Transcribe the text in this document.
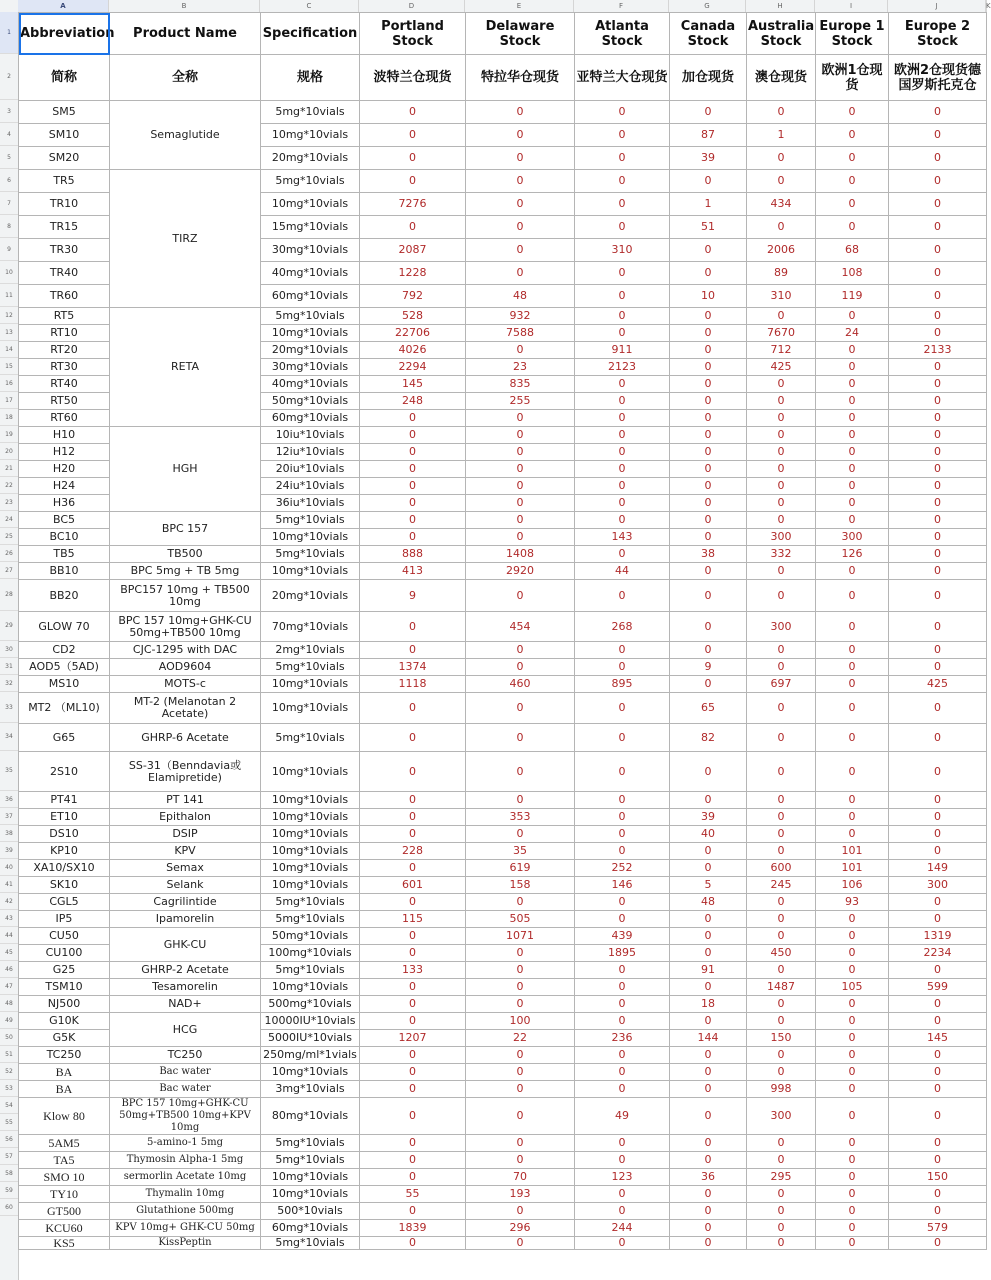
A	B	C	D	E	F	G	H	I	J	K
1
2
3
4
5
6
7
8
9
10
11
12
13
14
15
16
17
18
19
20
21
22
23
24
25
26
27
28
29
30
31
32
33
34
35
36
37
38
39
40
41
42
43
44
45
46
47
48
49
50
51
52
53
54
55
56
57
58
59
60
Abbreviation	Product Name	Specification	Portland Stock	Delaware Stock	Atlanta Stock	Canada Stock	Australia Stock	Europe 1 Stock	Europe 2 Stock
简称	全称	规格	波特兰仓现货	特拉华仓现货	亚特兰大仓现货	加仓现货	澳仓现货	欧洲1仓现货	欧洲2仓现货德国罗斯托克仓
SM5	Semaglutide	5mg*10vials	0	0	0	0	0	0	0
SM10		10mg*10vials	0	0	0	87	1	0	0
SM20		20mg*10vials	0	0	0	39	0	0	0
TR5	TIRZ	5mg*10vials	0	0	0	0	0	0	0
TR10		10mg*10vials	7276	0	0	1	434	0	0
TR15		15mg*10vials	0	0	0	51	0	0	0
TR30		30mg*10vials	2087	0	310	0	2006	68	0
TR40		40mg*10vials	1228	0	0	0	89	108	0
TR60		60mg*10vials	792	48	0	10	310	119	0
RT5	RETA	5mg*10vials	528	932	0	0	0	0	0
RT10		10mg*10vials	22706	7588	0	0	7670	24	0
RT20		20mg*10vials	4026	0	911	0	712	0	2133
RT30		30mg*10vials	2294	23	2123	0	425	0	0
RT40		40mg*10vials	145	835	0	0	0	0	0
RT50		50mg*10vials	248	255	0	0	0	0	0
RT60		60mg*10vials	0	0	0	0	0	0	0
H10	HGH	10iu*10vials	0	0	0	0	0	0	0
H12		12iu*10vials	0	0	0	0	0	0	0
H20		20iu*10vials	0	0	0	0	0	0	0
H24		24iu*10vials	0	0	0	0	0	0	0
H36		36iu*10vials	0	0	0	0	0	0	0
BC5	BPC 157	5mg*10vials	0	0	0	0	0	0	0
BC10		10mg*10vials	0	0	143	0	300	300	0
TB5	TB500	5mg*10vials	888	1408	0	38	332	126	0
BB10	BPC 5mg + TB 5mg	10mg*10vials	413	2920	44	0	0	0	0
BB20	BPC157 10mg + TB500 10mg	20mg*10vials	9	0	0	0	0	0	0
GLOW 70	BPC 157 10mg+GHK-CU 50mg+TB500 10mg	70mg*10vials	0	454	268	0	300	0	0
CD2	CJC-1295 with DAC	2mg*10vials	0	0	0	0	0	0	0
AOD5（5AD)	AOD9604	5mg*10vials	1374	0	0	9	0	0	0
MS10	MOTS-c	10mg*10vials	1118	460	895	0	697	0	425
MT2 （ML10)	MT-2 (Melanotan 2 Acetate)	10mg*10vials	0	0	0	65	0	0	0
G65	GHRP-6 Acetate	5mg*10vials	0	0	0	82	0	0	0
2S10	SS-31（Benndavia或 Elamipretide)	10mg*10vials	0	0	0	0	0	0	0
PT41	PT 141	10mg*10vials	0	0	0	0	0	0	0
ET10	Epithalon	10mg*10vials	0	353	0	39	0	0	0
DS10	DSIP	10mg*10vials	0	0	0	40	0	0	0
KP10	KPV	10mg*10vials	228	35	0	0	0	101	0
XA10/SX10	Semax	10mg*10vials	0	619	252	0	600	101	149
SK10	Selank	10mg*10vials	601	158	146	5	245	106	300
CGL5	Cagrilintide	5mg*10vials	0	0	0	48	0	93	0
IP5	Ipamorelin	5mg*10vials	115	505	0	0	0	0	0
CU50	GHK-CU	50mg*10vials	0	1071	439	0	0	0	1319
CU100		100mg*10vials	0	0	1895	0	450	0	2234
G25	GHRP-2 Acetate	5mg*10vials	133	0	0	91	0	0	0
TSM10	Tesamorelin	10mg*10vials	0	0	0	0	1487	105	599
NJ500	NAD+	500mg*10vials	0	0	0	18	0	0	0
G10K	HCG	10000IU*10vials	0	100	0	0	0	0	0
G5K		5000IU*10vials	1207	22	236	144	150	0	145
TC250	TC250	250mg/ml*1vials	0	0	0	0	0	0	0
BA	Bac water	10mg*10vials	0	0	0	0	0	0	0
BA	Bac water	3mg*10vials	0	0	0	0	998	0	0
Klow 80	BPC 157 10mg+GHK-CU 50mg+TB500 10mg+KPV 10mg	80mg*10vials	0	0	49	0	300	0	0
5AM5	5-amino-1 5mg	5mg*10vials	0	0	0	0	0	0	0
TA5	Thymosin Alpha-1 5mg	5mg*10vials	0	0	0	0	0	0	0
SMO 10	sermorlin Acetate 10mg	10mg*10vials	0	70	123	36	295	0	150
TY10	Thymalin 10mg	10mg*10vials	55	193	0	0	0	0	0
GT500	Glutathione 500mg	500*10vials	0	0	0	0	0	0	0
KCU60	KPV 10mg+ GHK-CU 50mg	60mg*10vials	1839	296	244	0	0	0	579
KS5	KissPeptin	5mg*10vials	0	0	0	0	0	0	0
